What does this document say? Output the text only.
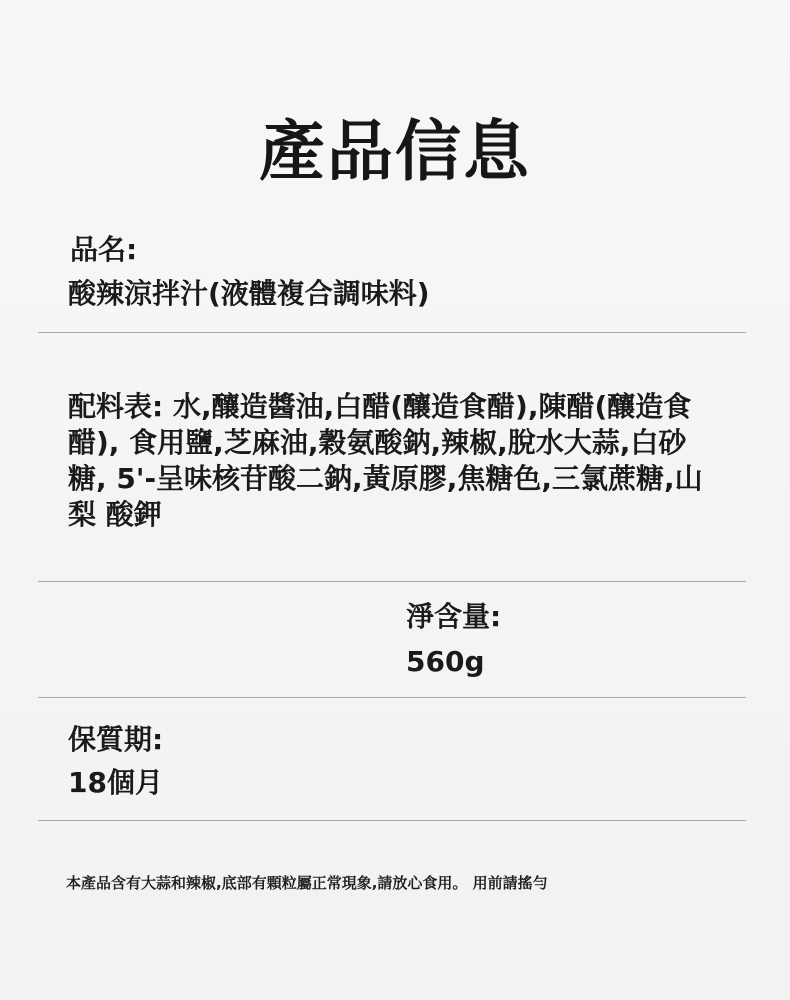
產品信息
品名:
酸辣涼拌汁(液體複合調味料)
配料表: 水,釀造醬油,白醋(釀造食醋),陳醋(釀造食醋), 食用鹽,芝麻油,穀氨酸鈉,辣椒,脫水大蒜,白砂糖, 5'-呈味核苷酸二鈉,黃原膠,焦糖色,三氯蔗糖,山梨 酸鉀
淨含量:
560g
保質期:
18個月
本產品含有大蒜和辣椒,底部有顆粒屬正常現象,請放心食用。 用前請搖勻
